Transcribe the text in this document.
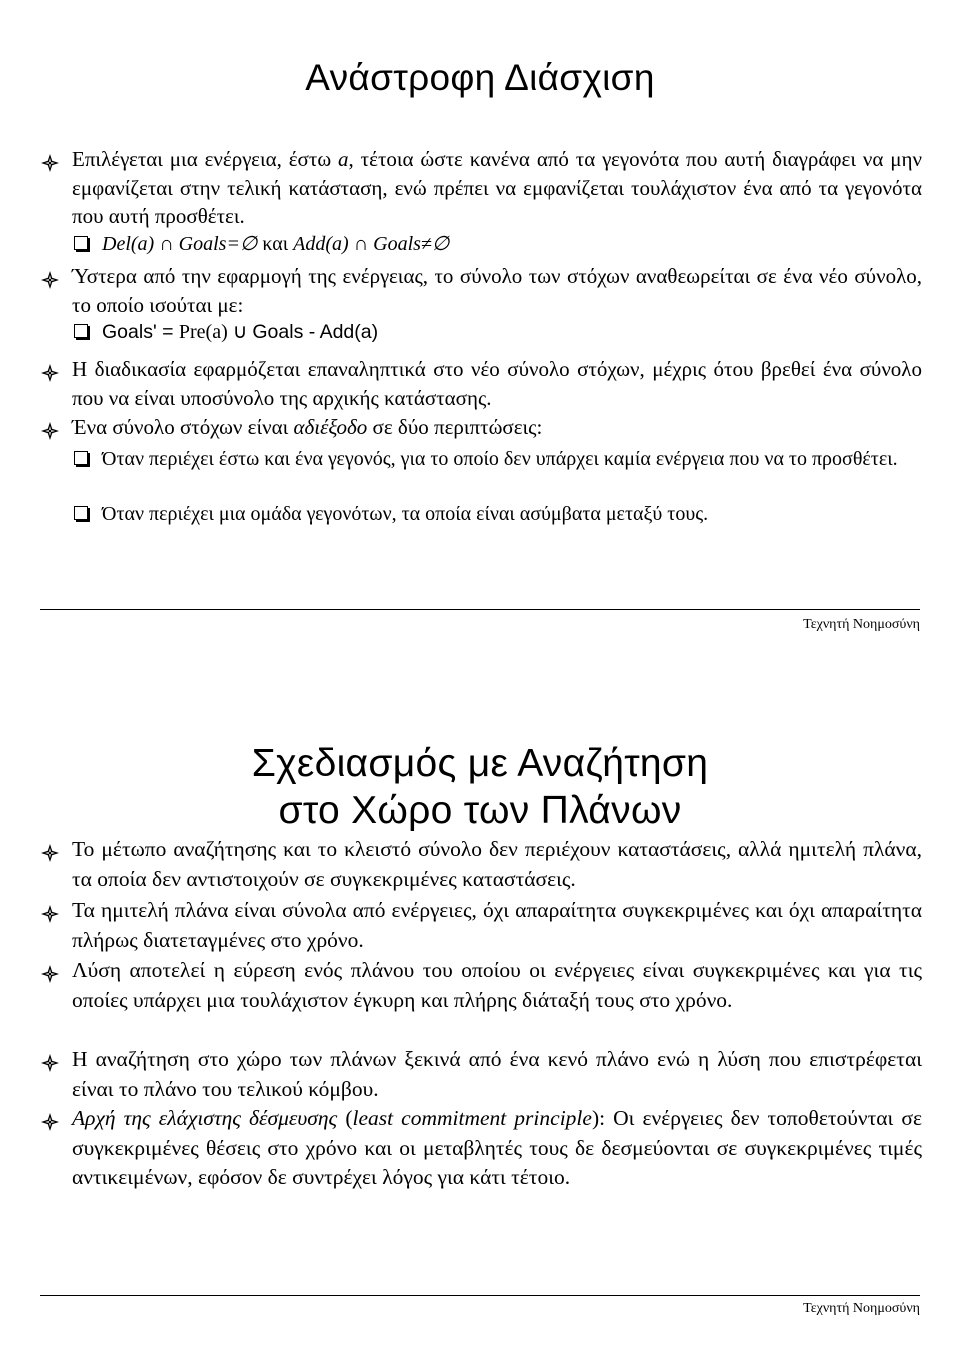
Ανάστροφη Διάσχιση
Επιλέγεται μια ενέργεια, έστω a, τέτοια ώστε κανένα από τα γεγονότα που αυτή διαγράφει να μην εμφανίζεται στην τελική κατάσταση, ενώ πρέπει να εμφανίζεται τουλάχιστον ένα από τα γεγονότα που αυτή προσθέτει.
Del(a) ∩ Goals=∅ και Add(a) ∩ Goals≠∅
Ύστερα από την εφαρμογή της ενέργειας, το σύνολο των στόχων αναθεωρείται σε ένα νέο σύνολο, το οποίο ισούται με:
Goals' = Pre(a) ∪ Goals - Add(a)
Η διαδικασία εφαρμόζεται επαναληπτικά στο νέο σύνολο στόχων, μέχρις ότου βρεθεί ένα σύνολο που να είναι υποσύνολο της αρχικής κατάστασης.
Ένα σύνολο στόχων είναι αδιέξοδο σε δύο περιπτώσεις:
Όταν περιέχει έστω και ένα γεγονός, για το οποίο δεν υπάρχει καμία ενέργεια που να το προσθέτει.
Όταν περιέχει μια ομάδα γεγονότων, τα οποία είναι ασύμβατα μεταξύ τους.
Τεχνητή Νοημοσύνη
Σχεδιασμός με Αναζήτηση
στο Χώρο των Πλάνων
Το μέτωπο αναζήτησης και το κλειστό σύνολο δεν περιέχουν καταστάσεις, αλλά ημιτελή πλάνα, τα οποία δεν αντιστοιχούν σε συγκεκριμένες καταστάσεις.
Τα ημιτελή πλάνα είναι σύνολα από ενέργειες, όχι απαραίτητα συγκεκριμένες και όχι απαραίτητα πλήρως διατεταγμένες στο χρόνο.
Λύση αποτελεί η εύρεση ενός πλάνου του οποίου οι ενέργειες είναι συγκεκριμένες και για τις οποίες υπάρχει μια τουλάχιστον έγκυρη και πλήρης διάταξή τους στο χρόνο.
Η αναζήτηση στο χώρο των πλάνων ξεκινά από ένα κενό πλάνο ενώ η λύση που επιστρέφεται είναι το πλάνο του τελικού κόμβου.
Αρχή της ελάχιστης δέσμευσης (least commitment principle): Οι ενέργειες δεν τοποθετούνται σε συγκεκριμένες θέσεις στο χρόνο και οι μεταβλητές τους δε δεσμεύονται σε συγκεκριμένες τιμές αντικειμένων, εφόσον δε συντρέχει λόγος για κάτι τέτοιο.
Τεχνητή Νοημοσύνη
